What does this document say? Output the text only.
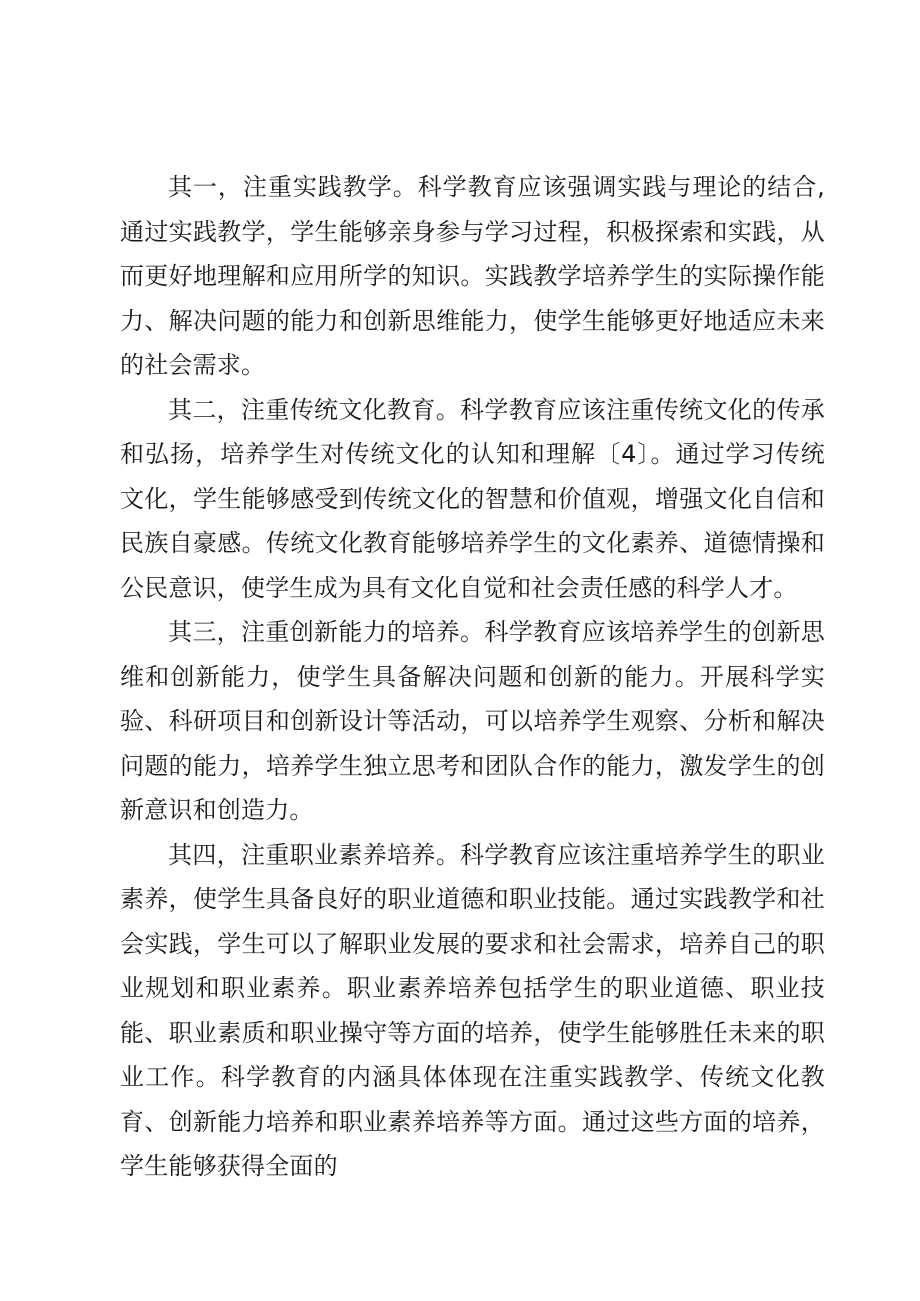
其一，注重实践教学。科学教育应该强调实践与理论的结合,通过实践教学，学生能够亲身参与学习过程，积极探索和实践，从而更好地理解和应用所学的知识。实践教学培养学生的实际操作能力、解决问题的能力和创新思维能力，使学生能够更好地适应未来的社会需求。

其二，注重传统文化教育。科学教育应该注重传统文化的传承和弘扬，培养学生对传统文化的认知和理解〔4〕。通过学习传统文化，学生能够感受到传统文化的智慧和价值观，增强文化自信和民族自豪感。传统文化教育能够培养学生的文化素养、道德情操和公民意识，使学生成为具有文化自觉和社会责任感的科学人才。

其三，注重创新能力的培养。科学教育应该培养学生的创新思维和创新能力，使学生具备解决问题和创新的能力。开展科学实验、科研项目和创新设计等活动，可以培养学生观察、分析和解决问题的能力，培养学生独立思考和团队合作的能力，激发学生的创新意识和创造力。

其四，注重职业素养培养。科学教育应该注重培养学生的职业素养，使学生具备良好的职业道德和职业技能。通过实践教学和社会实践，学生可以了解职业发展的要求和社会需求，培养自己的职业规划和职业素养。职业素养培养包括学生的职业道德、职业技能、职业素质和职业操守等方面的培养，使学生能够胜任未来的职业工作。科学教育的内涵具体体现在注重实践教学、传统文化教育、创新能力培养和职业素养培养等方面。通过这些方面的培养，学生能够获得全面的
